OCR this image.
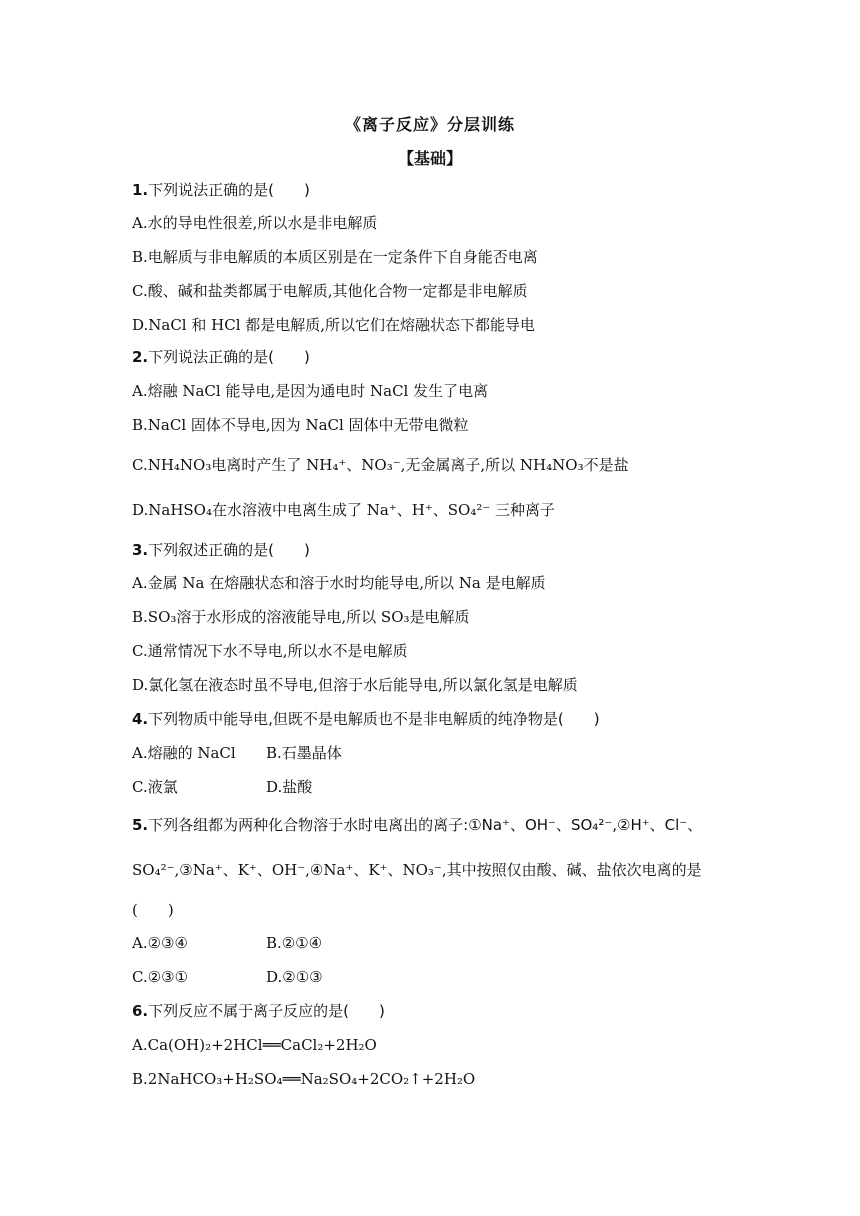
《离子反应》分层训练
【基础】
1.下列说法正确的是(　　)
A.水的导电性很差,所以水是非电解质
B.电解质与非电解质的本质区别是在一定条件下自身能否电离
C.酸、碱和盐类都属于电解质,其他化合物一定都是非电解质
D.NaCl 和 HCl 都是电解质,所以它们在熔融状态下都能导电
2.下列说法正确的是(　　)
A.熔融 NaCl 能导电,是因为通电时 NaCl 发生了电离
B.NaCl 固体不导电,因为 NaCl 固体中无带电微粒
C.NH₄NO₃电离时产生了 NH₄⁺、NO₃⁻,无金属离子,所以 NH₄NO₃不是盐
D.NaHSO₄在水溶液中电离生成了 Na⁺、H⁺、SO₄²⁻ 三种离子
3.下列叙述正确的是(　　)
A.金属 Na 在熔融状态和溶于水时均能导电,所以 Na 是电解质
B.SO₃溶于水形成的溶液能导电,所以 SO₃是电解质
C.通常情况下水不导电,所以水不是电解质
D.氯化氢在液态时虽不导电,但溶于水后能导电,所以氯化氢是电解质
4.下列物质中能导电,但既不是电解质也不是非电解质的纯净物是(　　)
A.熔融的 NaCl B.石墨晶体
C.液氯	D.盐酸
5.下列各组都为两种化合物溶于水时电离出的离子:①Na⁺、OH⁻、SO₄²⁻,②H⁺、Cl⁻、
SO₄²⁻,③Na⁺、K⁺、OH⁻,④Na⁺、K⁺、NO₃⁻,其中按照仅由酸、碱、盐依次电离的是
(　　)
A.②③④	B.②①④
C.②③①	D.②①③
6.下列反应不属于离子反应的是(　　)
A.Ca(OH)₂+2HCl══CaCl₂+2H₂O
B.2NaHCO₃+H₂SO₄══Na₂SO₄+2CO₂↑+2H₂O
